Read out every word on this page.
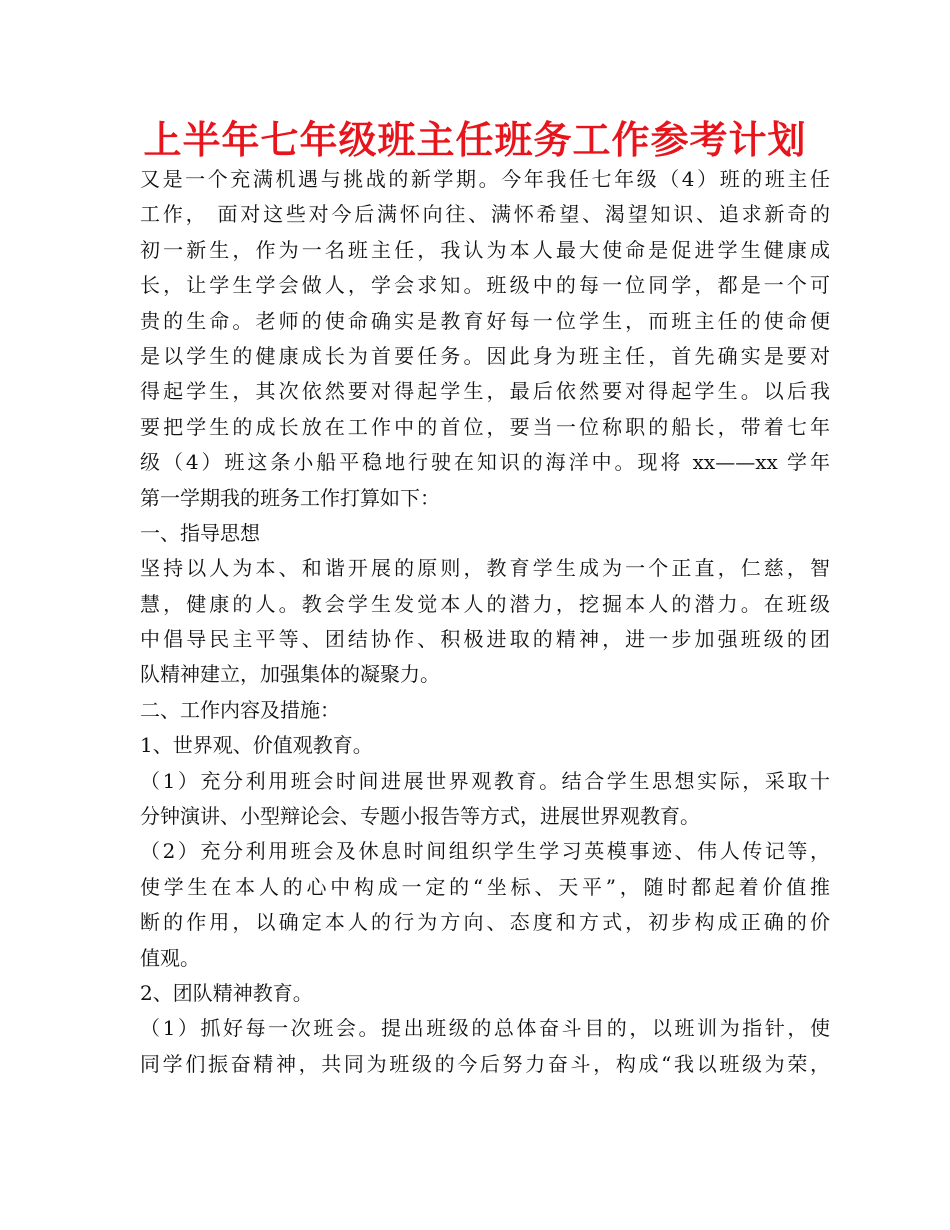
上半年七年级班主任班务工作参考计划
又是一个充满机遇与挑战的新学期。今年我任七年级（4）班的班主任
工作， 面对这些对今后满怀向往、满怀希望、渴望知识、追求新奇的
初一新生，作为一名班主任，我认为本人最大使命是促进学生健康成
长，让学生学会做人，学会求知。班级中的每一位同学，都是一个可
贵的生命。老师的使命确实是教育好每一位学生，而班主任的使命便
是以学生的健康成长为首要任务。因此身为班主任，首先确实是要对
得起学生，其次依然要对得起学生，最后依然要对得起学生。以后我
要把学生的成长放在工作中的首位，要当一位称职的船长，带着七年
级（4）班这条小船平稳地行驶在知识的海洋中。现将 xx——xx 学年
第一学期我的班务工作打算如下：
一、指导思想
坚持以人为本、和谐开展的原则，教育学生成为一个正直，仁慈，智
慧，健康的人。教会学生发觉本人的潜力，挖掘本人的潜力。在班级
中倡导民主平等、团结协作、积极进取的精神，进一步加强班级的团
队精神建立，加强集体的凝聚力。
二、工作内容及措施：
1、世界观、价值观教育。
（1）充分利用班会时间进展世界观教育。结合学生思想实际，采取十
分钟演讲、小型辩论会、专题小报告等方式，进展世界观教育。
（2）充分利用班会及休息时间组织学生学习英模事迹、伟人传记等，
使学生在本人的心中构成一定的“坐标、天平”，随时都起着价值推
断的作用，以确定本人的行为方向、态度和方式，初步构成正确的价
值观。
2、团队精神教育。
（1）抓好每一次班会。提出班级的总体奋斗目的，以班训为指针，使
同学们振奋精神，共同为班级的今后努力奋斗，构成“我以班级为荣，
